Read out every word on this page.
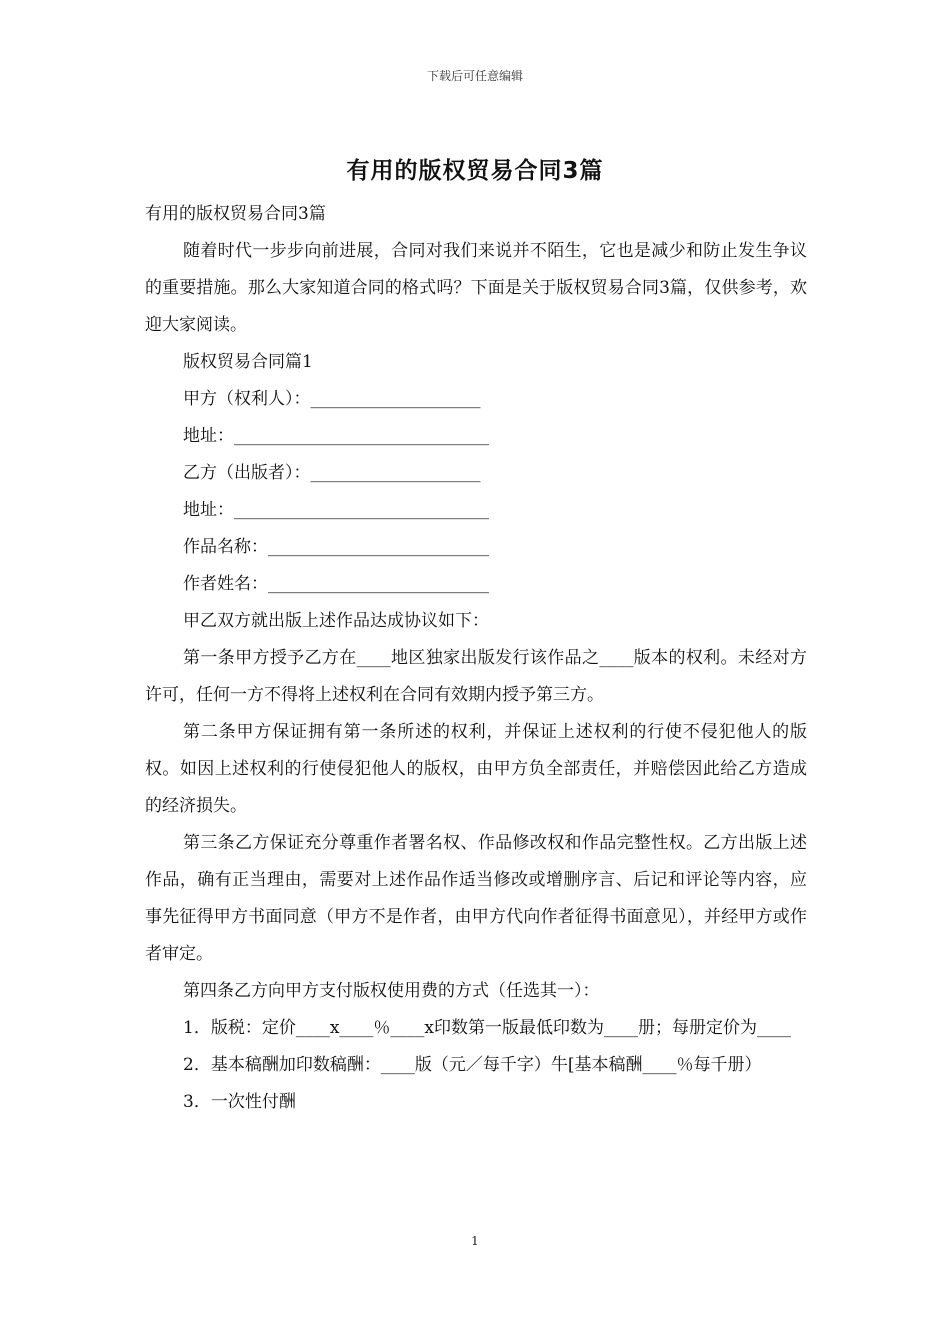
下载后可任意编辑
有用的版权贸易合同3篇

有用的版权贸易合同3篇

随着时代一步步向前进展，合同对我们来说并不陌生，它也是减少和防止发生争议的重要措施。那么大家知道合同的格式吗？下面是关于版权贸易合同3篇，仅供参考，欢迎大家阅读。

版权贸易合同篇1

甲方（权利人）：____________________

地址：______________________________

乙方（出版者）：____________________

地址：______________________________

作品名称：__________________________

作者姓名：__________________________

甲乙双方就出版上述作品达成协议如下：

第一条甲方授予乙方在____地区独家出版发行该作品之____版本的权利。未经对方许可，任何一方不得将上述权利在合同有效期内授予第三方。

第二条甲方保证拥有第一条所述的权利，并保证上述权利的行使不侵犯他人的版权。如因上述权利的行使侵犯他人的版权，由甲方负全部责任，并赔偿因此给乙方造成的经济损失。

第三条乙方保证充分尊重作者署名权、作品修改权和作品完整性权。乙方出版上述作品，确有正当理由，需要对上述作品作适当修改或增删序言、后记和评论等内容，应事先征得甲方书面同意（甲方不是作者，由甲方代向作者征得书面意见），并经甲方或作者审定。

第四条乙方向甲方支付版权使用费的方式（任选其一）：

1．版税：定价____x____％____x印数第一版最低印数为____册；每册定价为____

2．基本稿酬加印数稿酬：____版（元／每千字）牛[基本稿酬____％每千册）

3．一次性付酬

1
